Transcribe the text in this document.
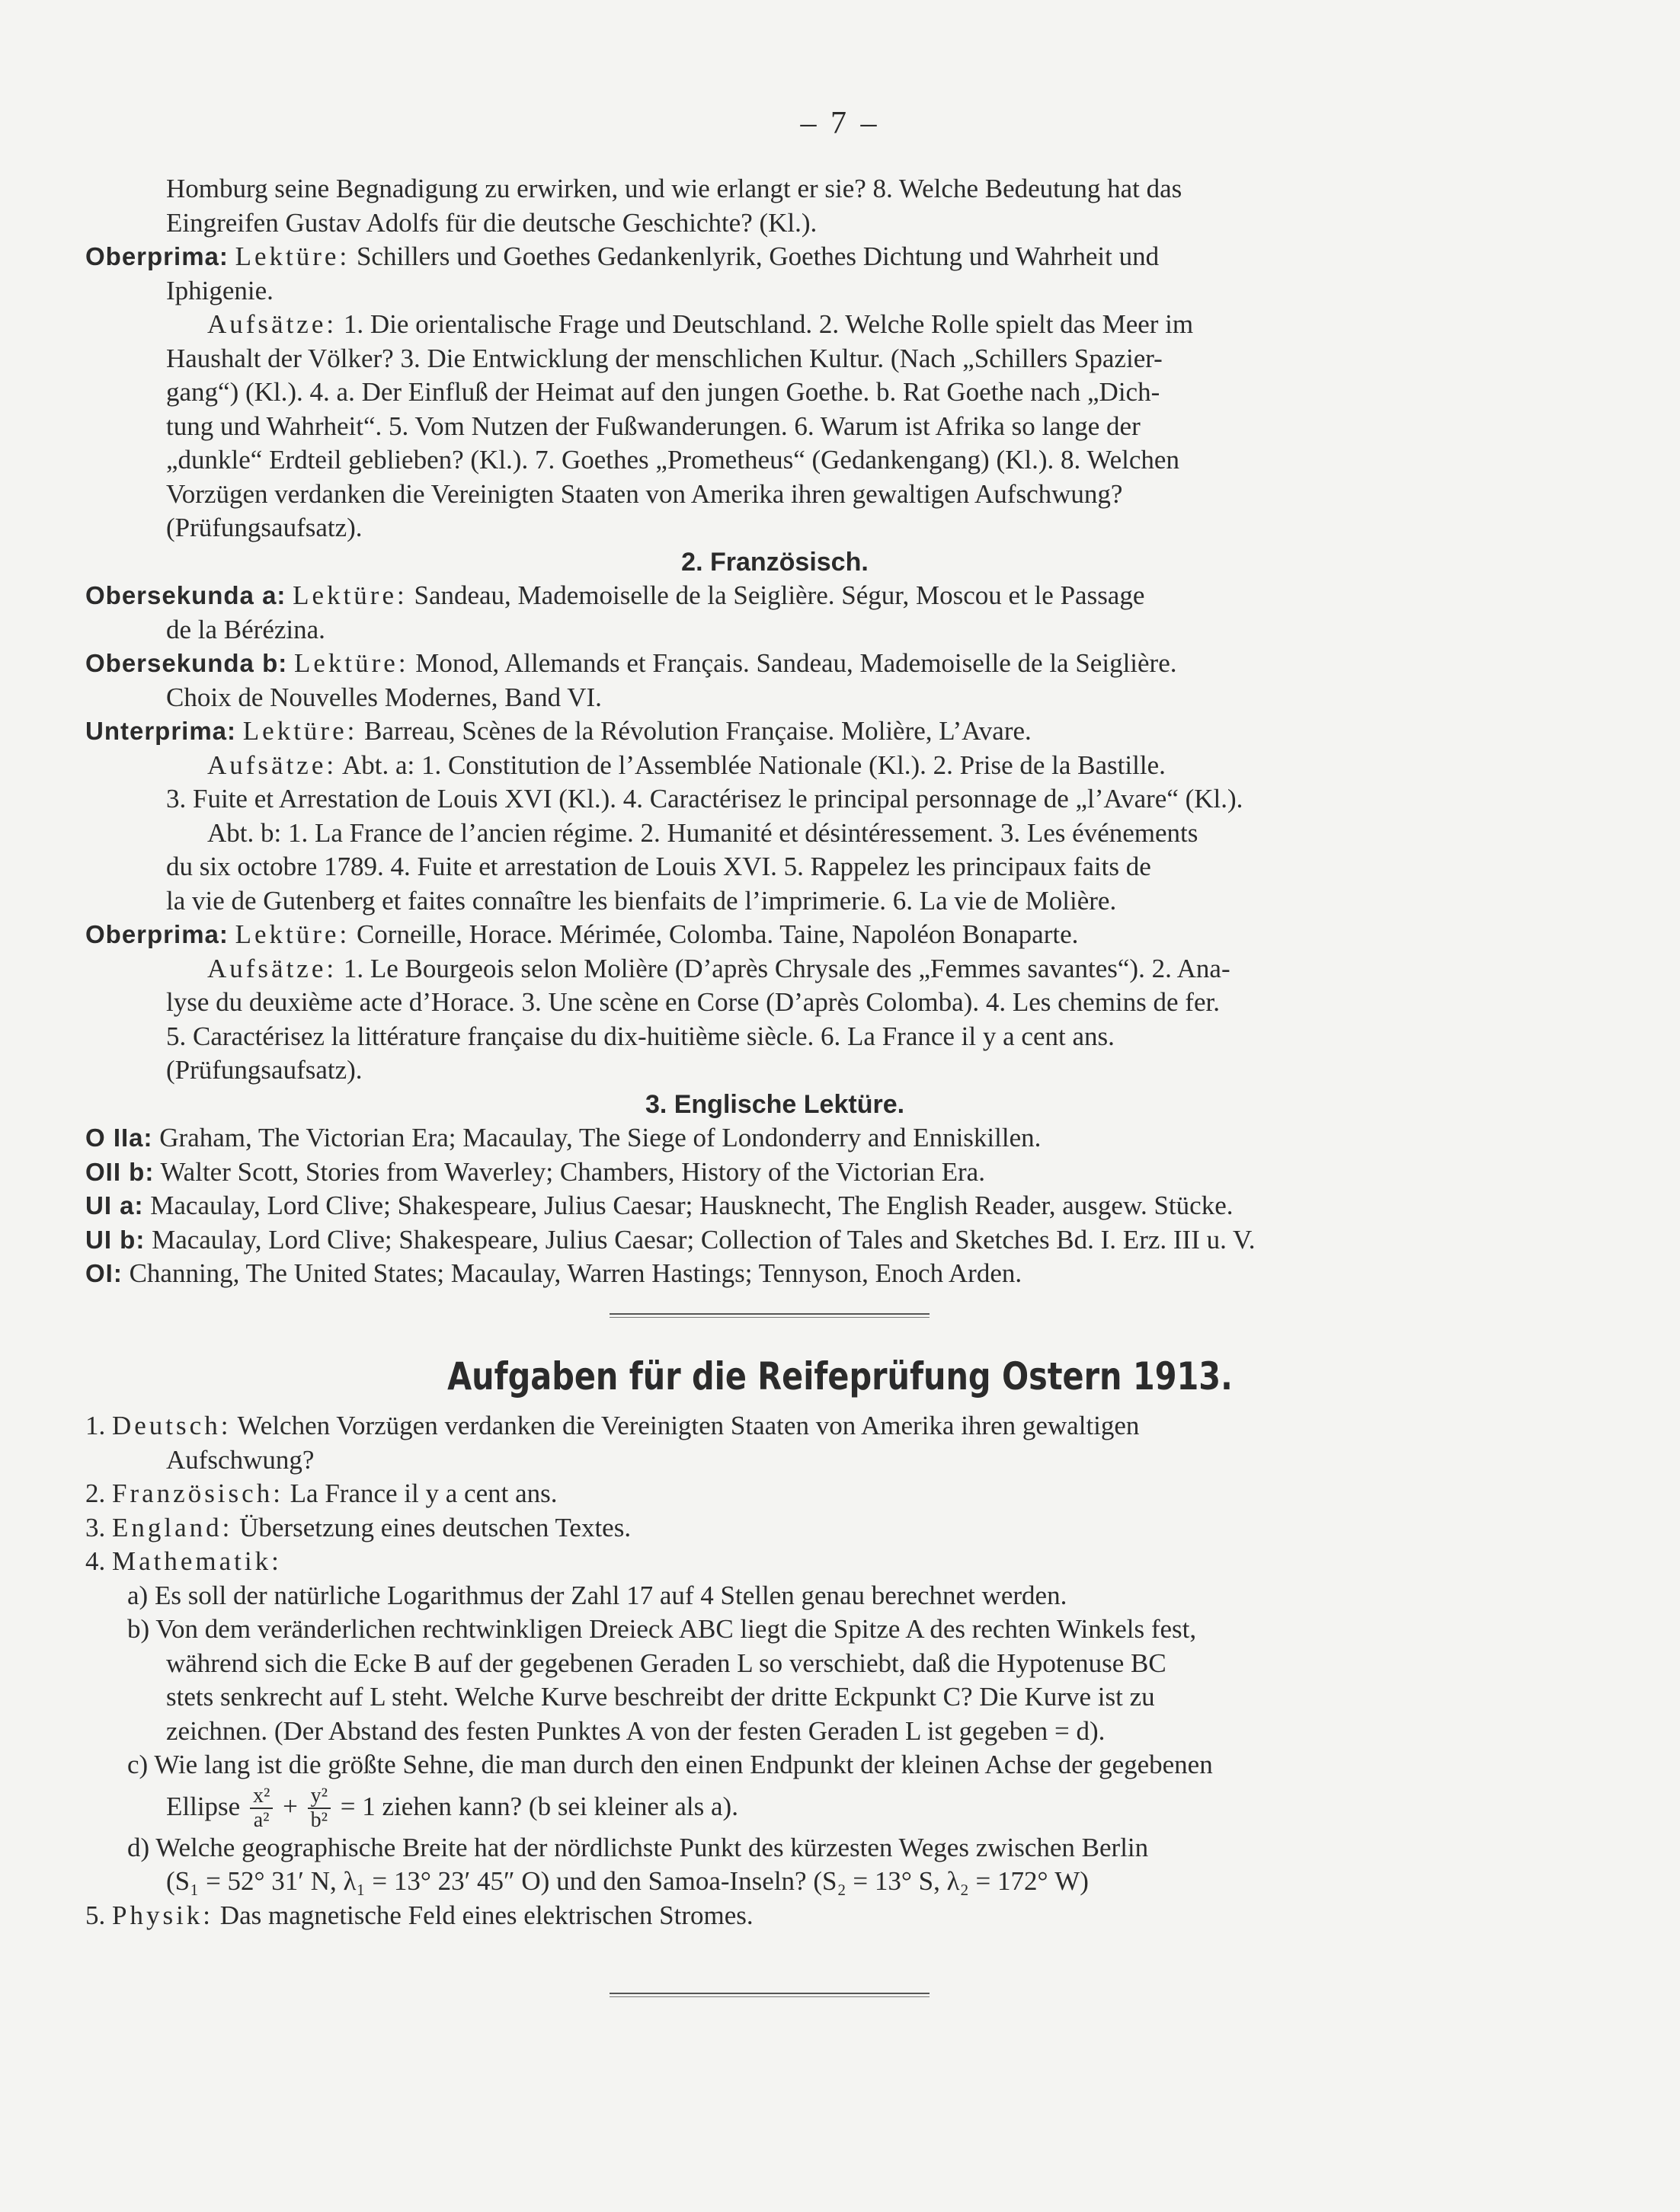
– 7 –
Homburg seine Begnadigung zu erwirken, und wie erlangt er sie? 8. Welche Bedeutung hat das
Eingreifen Gustav Adolfs für die deutsche Geschichte? (Kl.).
Oberprima: Lektüre: Schillers und Goethes Gedankenlyrik, Goethes Dichtung und Wahrheit und
Iphigenie.
Aufsätze: 1. Die orientalische Frage und Deutschland. 2. Welche Rolle spielt das Meer im
Haushalt der Völker? 3. Die Entwicklung der menschlichen Kultur. (Nach „Schillers Spazier-
gang“) (Kl.). 4. a. Der Einfluß der Heimat auf den jungen Goethe. b. Rat Goethe nach „Dich-
tung und Wahrheit“. 5. Vom Nutzen der Fußwanderungen. 6. Warum ist Afrika so lange der
„dunkle“ Erdteil geblieben? (Kl.). 7. Goethes „Prometheus“ (Gedankengang) (Kl.). 8. Welchen
Vorzügen verdanken die Vereinigten Staaten von Amerika ihren gewaltigen Aufschwung?
(Prüfungsaufsatz).
2. Französisch.
Obersekunda a: Lektüre: Sandeau, Mademoiselle de la Seiglière. Ségur, Moscou et le Passage
de la Bérézina.
Obersekunda b: Lektüre: Monod, Allemands et Français. Sandeau, Mademoiselle de la Seiglière.
Choix de Nouvelles Modernes, Band VI.
Unterprima: Lektüre: Barreau, Scènes de la Révolution Française. Molière, L’Avare.
Aufsätze: Abt. a: 1. Constitution de l’Assemblée Nationale (Kl.). 2. Prise de la Bastille.
3. Fuite et Arrestation de Louis XVI (Kl.). 4. Caractérisez le principal personnage de „l’Avare“ (Kl.).
Abt. b: 1. La France de l’ancien régime. 2. Humanité et désintéressement. 3. Les événements
du six octobre 1789. 4. Fuite et arrestation de Louis XVI. 5. Rappelez les principaux faits de
la vie de Gutenberg et faites connaître les bienfaits de l’imprimerie. 6. La vie de Molière.
Oberprima: Lektüre: Corneille, Horace. Mérimée, Colomba. Taine, Napoléon Bonaparte.
Aufsätze: 1. Le Bourgeois selon Molière (D’après Chrysale des „Femmes savantes“). 2. Ana-
lyse du deuxième acte d’Horace. 3. Une scène en Corse (D’après Colomba). 4. Les chemins de fer.
5. Caractérisez la littérature française du dix-huitième siècle. 6. La France il y a cent ans.
(Prüfungsaufsatz).
3. Englische Lektüre.
O IIa: Graham, The Victorian Era; Macaulay, The Siege of Londonderry and Enniskillen.
OII b: Walter Scott, Stories from Waverley; Chambers, History of the Victorian Era.
UI a: Macaulay, Lord Clive; Shakespeare, Julius Caesar; Hausknecht, The English Reader, ausgew. Stücke.
UI b: Macaulay, Lord Clive; Shakespeare, Julius Caesar; Collection of Tales and Sketches Bd. I. Erz. III u. V.
OI: Channing, The United States; Macaulay, Warren Hastings; Tennyson, Enoch Arden.
Aufgaben für die Reifeprüfung Ostern 1913.
1. Deutsch: Welchen Vorzügen verdanken die Vereinigten Staaten von Amerika ihren gewaltigen
Aufschwung?
2. Französisch: La France il y a cent ans.
3. England: Übersetzung eines deutschen Textes.
4. Mathematik:
a) Es soll der natürliche Logarithmus der Zahl 17 auf 4 Stellen genau berechnet werden.
b) Von dem veränderlichen rechtwinkligen Dreieck ABC liegt die Spitze A des rechten Winkels fest,
während sich die Ecke B auf der gegebenen Geraden L so verschiebt, daß die Hypotenuse BC
stets senkrecht auf L steht. Welche Kurve beschreibt der dritte Eckpunkt C? Die Kurve ist zu
zeichnen. (Der Abstand des festen Punktes A von der festen Geraden L ist gegeben = d).
c) Wie lang ist die größte Sehne, die man durch den einen Endpunkt der kleinen Achse der gegebenen
Ellipse $\frac{\text{x²}}{\text{a²}} + \frac{\text{y²}}{\text{b²}} = 1$ ziehen kann? (b sei kleiner als a).
d) Welche geographische Breite hat der nördlichste Punkt des kürzesten Weges zwischen Berlin
(S₁ = 52° 31′ N, λ₁ = 13° 23′ 45″ O) und den Samoa-Inseln? (S₂ = 13° S, λ₂ = 172° W)
5. Physik: Das magnetische Feld eines elektrischen Stromes.
